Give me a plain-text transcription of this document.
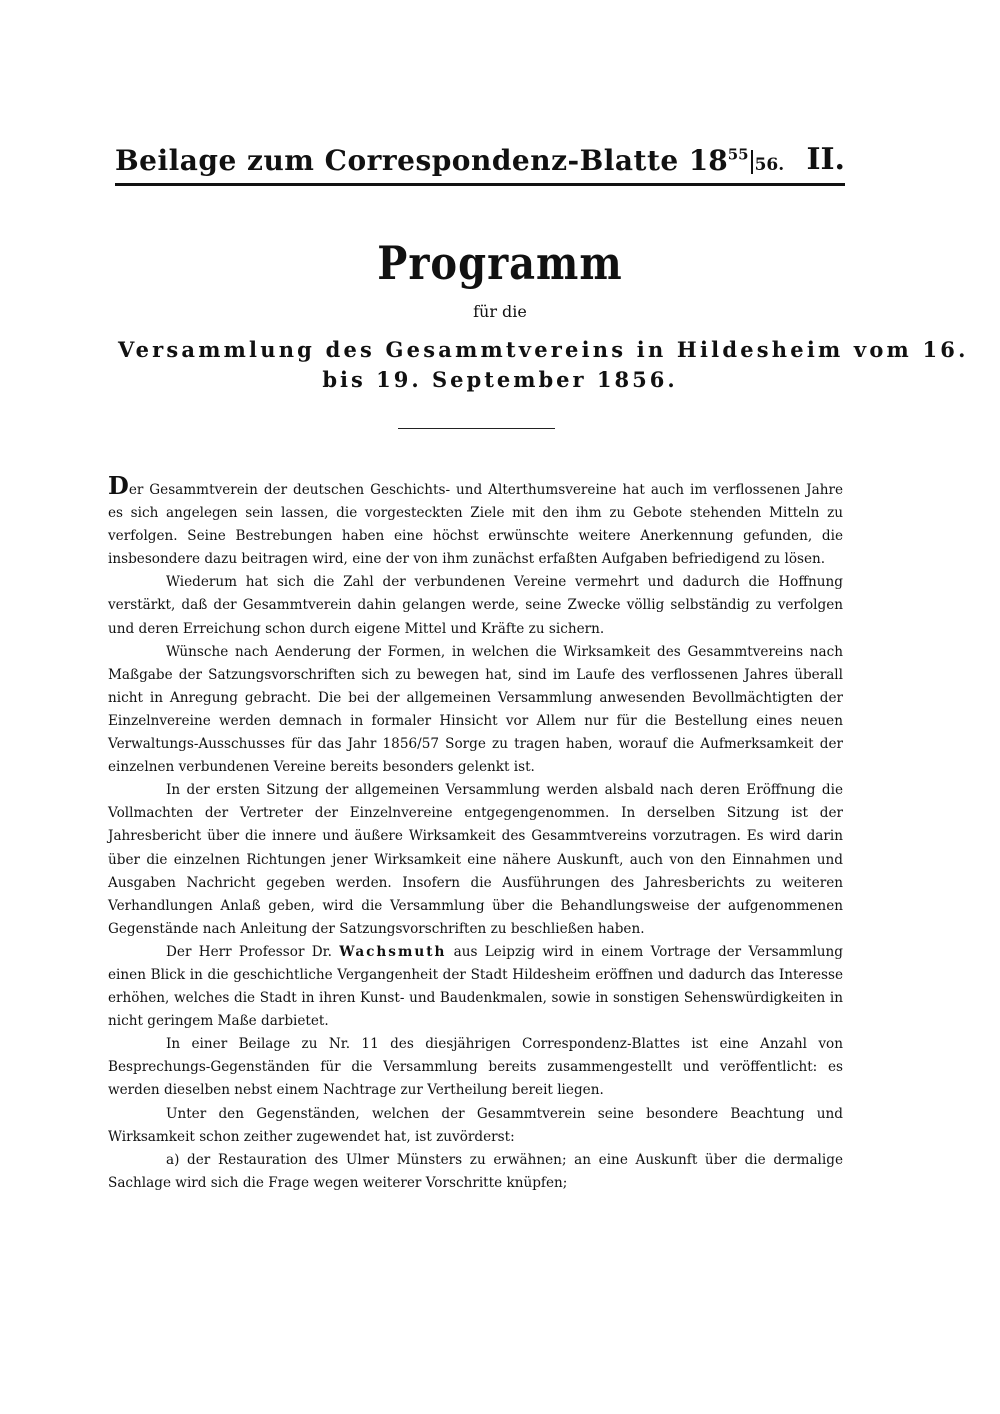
Beilage zum Correspondenz-Blatte $18^{55}56$. II.
Programm
für die
Versammlung des Gesammtvereins in Hildesheim vom 16.
bis 19. September 1856.

Der Gesammtverein der deutschen Geschichts- und Alterthumsvereine hat auch im verflossenen Jahre es sich angelegen sein lassen, die vorgesteckten Ziele mit den ihm zu Gebote stehenden Mitteln zu verfolgen. Seine Bestrebungen haben eine höchst erwünschte weitere Anerkennung gefunden, die insbesondere dazu beitragen wird, eine der von ihm zunächst erfaßten Aufgaben befriedigend zu lösen.

Wiederum hat sich die Zahl der verbundenen Vereine vermehrt und dadurch die Hoffnung verstärkt, daß der Gesammtverein dahin gelangen werde, seine Zwecke völlig selbständig zu verfolgen und deren Erreichung schon durch eigene Mittel und Kräfte zu sichern.

Wünsche nach Aenderung der Formen, in welchen die Wirksamkeit des Gesammtvereins nach Maßgabe der Satzungsvorschriften sich zu bewegen hat, sind im Laufe des verflossenen Jahres überall nicht in Anregung gebracht. Die bei der allgemeinen Versammlung anwesenden Bevollmächtigten der Einzelnvereine werden demnach in formaler Hinsicht vor Allem nur für die Bestellung eines neuen Verwaltungs-Ausschusses für das Jahr 1856/57 Sorge zu tragen haben, worauf die Aufmerksamkeit der einzelnen verbundenen Vereine bereits besonders gelenkt ist.

In der ersten Sitzung der allgemeinen Versammlung werden alsbald nach deren Eröffnung die Vollmachten der Vertreter der Einzelnvereine entgegengenommen. In derselben Sitzung ist der Jahresbericht über die innere und äußere Wirksamkeit des Gesammtvereins vorzutragen. Es wird darin über die einzelnen Richtungen jener Wirksamkeit eine nähere Auskunft, auch von den Einnahmen und Ausgaben Nachricht gegeben werden. Insofern die Ausführungen des Jahresberichts zu weiteren Verhandlungen Anlaß geben, wird die Versammlung über die Behandlungsweise der aufgenommenen Gegenstände nach Anleitung der Satzungsvorschriften zu beschließen haben.

Der Herr Professor Dr. Wachsmuth aus Leipzig wird in einem Vortrage der Versammlung einen Blick in die geschichtliche Vergangenheit der Stadt Hildesheim eröffnen und dadurch das Interesse erhöhen, welches die Stadt in ihren Kunst- und Baudenkmalen, sowie in sonstigen Sehenswürdigkeiten in nicht geringem Maße darbietet.

In einer Beilage zu Nr. 11 des diesjährigen Correspondenz-Blattes ist eine Anzahl von Besprechungs-Gegenständen für die Versammlung bereits zusammengestellt und veröffentlicht: es werden dieselben nebst einem Nachtrage zur Vertheilung bereit liegen.

Unter den Gegenständen, welchen der Gesammtverein seine besondere Beachtung und Wirksamkeit schon zeither zugewendet hat, ist zuvörderst:

a) der Restauration des Ulmer Münsters zu erwähnen; an eine Auskunft über die dermalige Sachlage wird sich die Frage wegen weiterer Vorschritte knüpfen;
